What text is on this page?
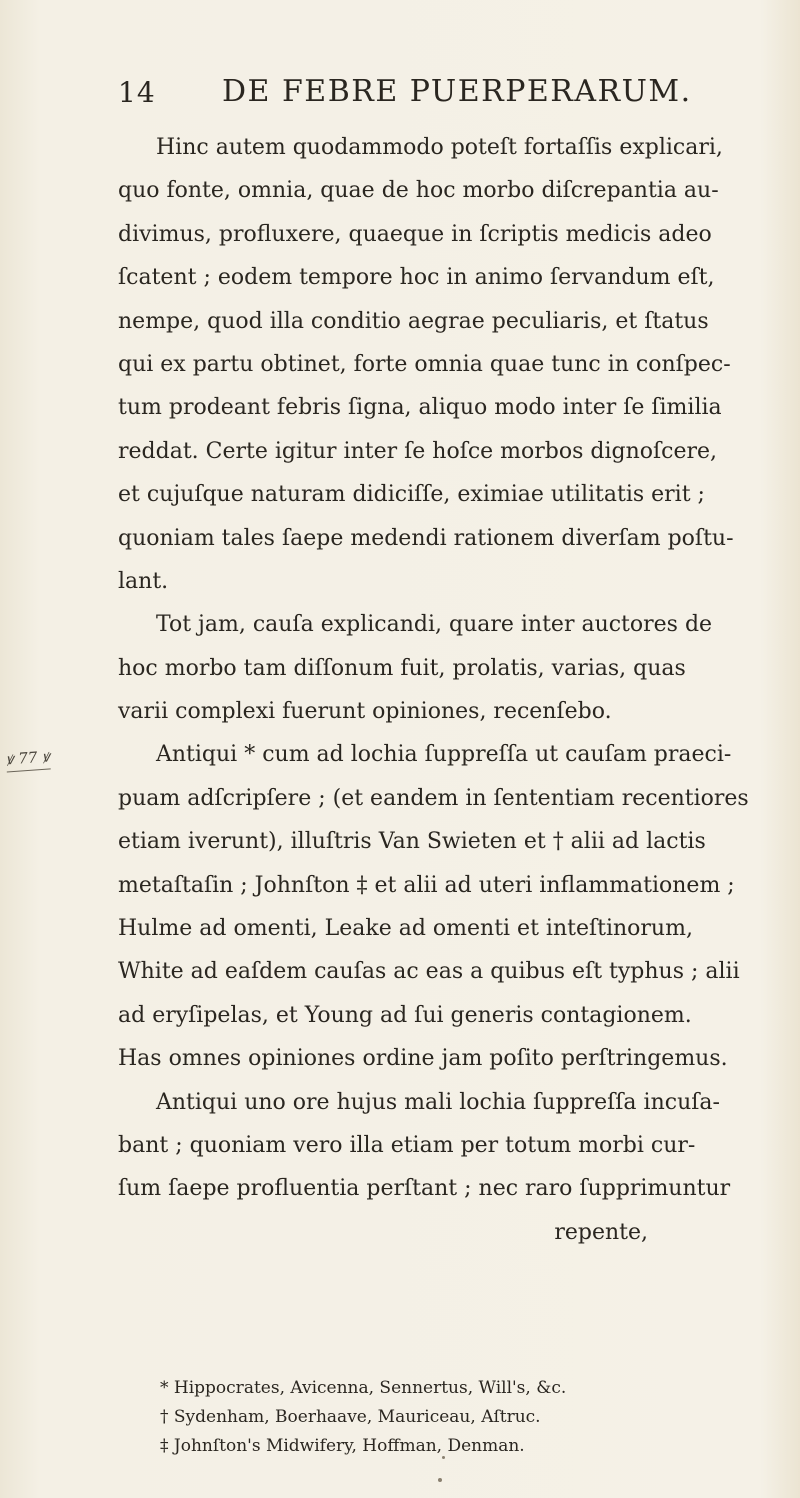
14 DE FEBRE PUERPERARUM.
ꝟ 77 ꝟ
Hinc autem quodammodo poteſt fortaſſis explicari,
quo fonte, omnia, quae de hoc morbo diſcrepantia au-
divimus, profluxere, quaeque in ſcriptis medicis adeo
ſcatent ; eodem tempore hoc in animo ſervandum eſt,
nempe, quod illa conditio aegrae peculiaris, et ſtatus
qui ex partu obtinet, forte omnia quae tunc in conſpec-
tum prodeant febris ſigna, aliquo modo inter ſe ſimilia
reddat. Certe igitur inter ſe hoſce morbos dignoſcere,
et cujuſque naturam didiciſſe, eximiae utilitatis erit ;
quoniam tales ſaepe medendi rationem diverſam poſtu-
lant.
Tot jam, cauſa explicandi, quare inter auctores de
hoc morbo tam diſſonum fuit, prolatis, varias, quas
varii complexi fuerunt opiniones, recenſebo.
Antiqui * cum ad lochia ſuppreſſa ut cauſam praeci-
puam adſcripſere ; (et eandem in ſententiam recentiores
etiam iverunt), illuſtris Van Swieten et † alii ad lactis
metaſtaſin ; Johnſton ‡ et alii ad uteri inflammationem ;
Hulme ad omenti, Leake ad omenti et inteſtinorum,
White ad eaſdem cauſas ac eas a quibus eſt typhus ; alii
ad eryſipelas, et Young ad ſui generis contagionem.
Has omnes opiniones ordine jam poſito perſtringemus.
Antiqui uno ore hujus mali lochia ſuppreſſa incuſa-
bant ; quoniam vero illa etiam per totum morbi cur-
ſum ſaepe profluentia perſtant ; nec raro ſupprimuntur
repente,
* Hippocrates, Avicenna, Sennertus, Will's, &c.
† Sydenham, Boerhaave, Mauriceau, Aſtruc.
‡ Johnſton's Midwifery, Hoffman, Denman.
